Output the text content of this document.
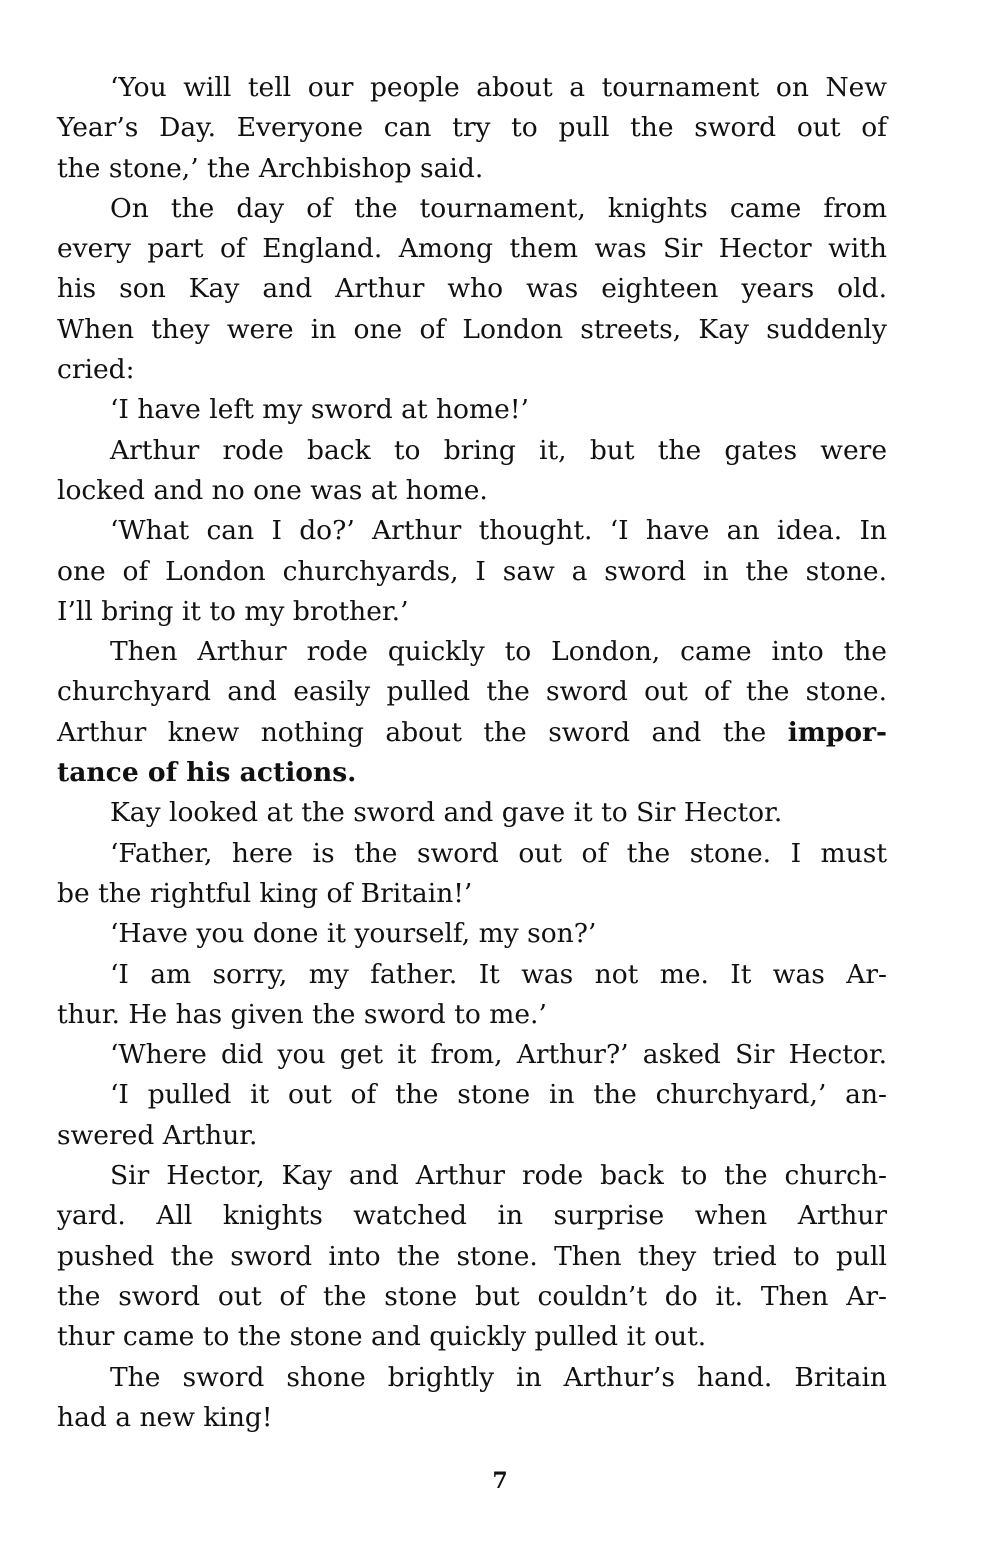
‘You will tell our people about a tournament on New
Year’s Day. Everyone can try to pull the sword out of
the stone,’ the Archbishop said.
On the day of the tournament, knights came from
every part of England. Among them was Sir Hector with
his son Kay and Arthur who was eighteen years old.
When they were in one of London streets, Kay suddenly
cried:
‘I have left my sword at home!’
Arthur rode back to bring it, but the gates were
locked and no one was at home.
‘What can I do?’ Arthur thought. ‘I have an idea. In
one of London churchyards, I saw a sword in the stone.
I’ll bring it to my brother.’
Then Arthur rode quickly to London, came into the
churchyard and easily pulled the sword out of the stone.
Arthur knew nothing about the sword and the impor-
tance of his actions.
Kay looked at the sword and gave it to Sir Hector.
‘Father, here is the sword out of the stone. I must
be the rightful king of Britain!’
‘Have you done it yourself, my son?’
‘I am sorry, my father. It was not me. It was Ar-
thur. He has given the sword to me.’
‘Where did you get it from, Arthur?’ asked Sir Hector.
‘I pulled it out of the stone in the churchyard,’ an-
swered Arthur.
Sir Hector, Kay and Arthur rode back to the church-
yard. All knights watched in surprise when Arthur
pushed the sword into the stone. Then they tried to pull
the sword out of the stone but couldn’t do it. Then Ar-
thur came to the stone and quickly pulled it out.
The sword shone brightly in Arthur’s hand. Britain
had a new king!
7
